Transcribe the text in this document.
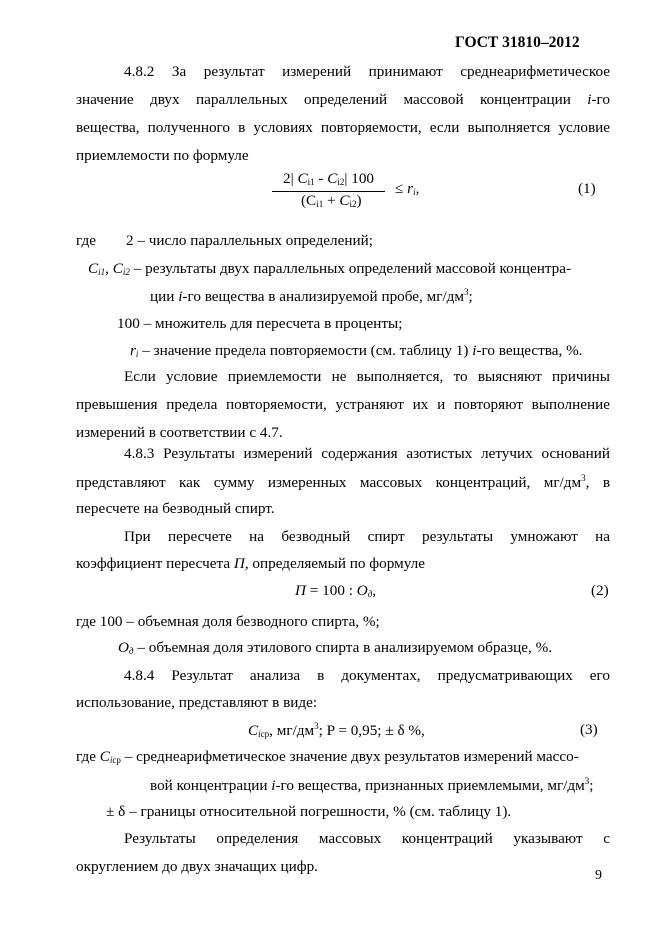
ГОСТ 31810–2012
4.8.2 За результат измерений принимают среднеарифметическое
значение двух параллельных определений массовой концентрации i-го
вещества, полученного в условиях повторяемости, если выполняется условие
приемлемости по формуле
2| $C_{i1} - C_{i2}|$ 100
$(С_{i1} + C_{i2})$
≤ $r_i$,	(1)
где 2 – число параллельных определений;
$C_{i1}$, $C_{i2}$ – результаты двух параллельных определений массовой концентра-
ции i-го вещества в анализируемой пробе, $мг/дм^3$;
100 – множитель для пересчета в проценты;
$r_i$ – значение предела повторяемости (см. таблицу 1) i-го вещества, %.
Если условие приемлемости не выполняется, то выясняют причины
превышения предела повторяемости, устраняют их и повторяют выполнение
измерений в соответствии с 4.7.
4.8.3 Результаты измерений содержания азотистых летучих оснований
представляют как сумму измеренных массовых концентраций, $мг/дм^3$, в
пересчете на безводный спирт.
При пересчете на безводный спирт результаты умножают на
коэффициент пересчета П, определяемый по формуле
П = 100 : $О_д$,	(2)
где 100 – объемная доля безводного спирта, %;
$О_д$ – объемная доля этилового спирта в анализируемом образце, %.
4.8.4 Результат анализа в документах, предусматривающих его
использование, представляют в виде:
$C_{iср}$, $мг/дм^3$; P = 0,95; ± δ %,	(3)
где $C_{iср}$ – среднеарифметическое значение двух результатов измерений массо-
вой концентрации i-го вещества, признанных приемлемыми, $мг/дм^3$;
± δ – границы относительной погрешности, % (см. таблицу 1).
Результаты определения массовых концентраций указывают с
округлением до двух значащих цифр.
9
